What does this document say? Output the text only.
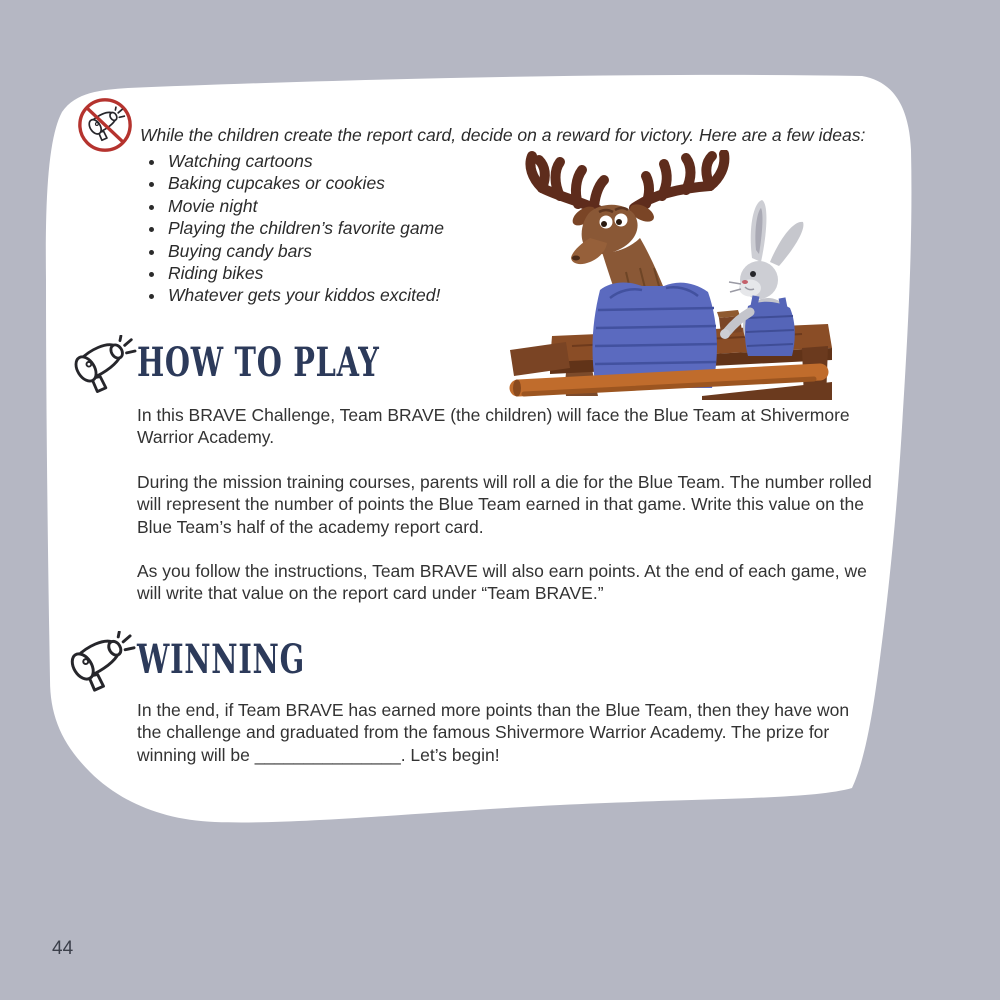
While the children create the report card, decide on a reward for victory. Here are a few ideas:

• Watching cartoons
• Baking cupcakes or cookies
• Movie night
• Playing the children’s favorite game
• Buying candy bars
• Riding bikes
• Whatever gets your kiddos excited!
HOW TO PLAY

In this BRAVE Challenge, Team BRAVE (the children) will face the Blue Team at Shivermore Warrior Academy.

During the mission training courses, parents will roll a die for the Blue Team. The number rolled will represent the number of points the Blue Team earned in that game. Write this value on the Blue Team’s half of the academy report card.

As you follow the instructions, Team BRAVE will also earn points. At the end of each game, we will write that value on the report card under “Team BRAVE.”

WINNING

In the end, if Team BRAVE has earned more points than the Blue Team, then they have won the challenge and graduated from the famous Shivermore Warrior Academy. The prize for winning will be _______________. Let’s begin!

44
